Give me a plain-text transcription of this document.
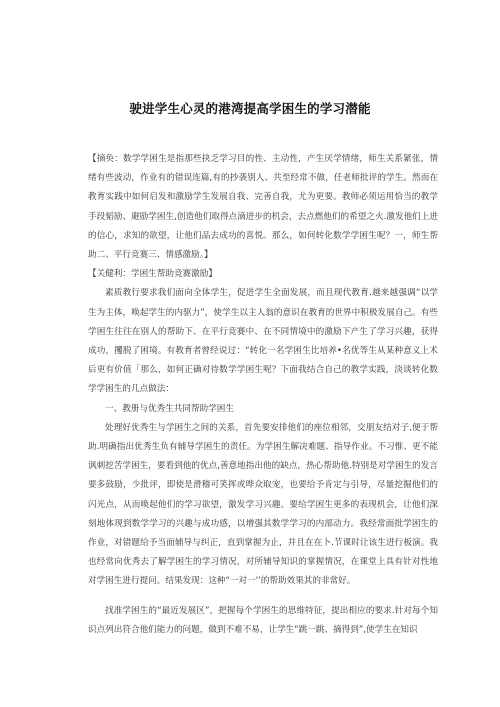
驶进学生心灵的港湾提高学困生的学习潜能

【摘奂：数学学困生是指那些抉乏学习目的性、主动性，产生厌学情绪，师生关系紧张，情绪有些波动，作业有的错误连篇,有的抄袭别人、共至经常不做，任老师批评的学生。然而在教育实践中如何启发和激励学生发展自我、完善自我，尤为更要。教师必须运用恰当的教学手段韬励、避励学困生,创造他们取得点滴进步的机会，去点燃他们的希望之火.激发他们上进的信心，求知的欲望，让他们品去成功的喜悦。那么，如何转化数学学困生呢？一，师生帮助二、平行竞赛三、情感激励。】

【关健利：学困生帮助竞赛激励】

素质教行要求我们面向全体学生，促进学生全面发展，而且现代教育.越来越强调“以学生为主体，唤起学生的内驱力”，使学生以主人翁的意识在教育的世界中积极发展自己。有些学困生往往在别人的帮助下、在平行竞赛中、在不同情境中的激励下产生了学习兴趣，获得成功，攫脱了困境。有教育者曾经说过：“转化一名学困生比培养•名优等生从某种意义上术后更有价值「那么，如何正确对待数学学困生呢？下面我结合自己的教学实践，淡谈转化数学学困生的几点做法：

一、教册与优秀生共同帮助学困生

处理好优秀生与学困生之间的关系，首先要安排他们的座位相邻，交朋友结对子,便于帮助.明确指出优秀生负有辅导学困生的责任。为学困生解决难题、指导作业。不习惟、更不能讽刺挖苦学困生，要看到他的优点,善意地指出他的缺点，热心帮助他.特别是对学困生的发言要多鼓励，少批评，即使是滑稽可笑挥或哗众取宠，也要给予肯定与引导，尽量挖掘他们的闪光点，从而唤起他们的学习欲望，激发学习兴趣。要给学困生更多的表现机会，让他们深刻地体现到数学学习的兴趣与成功感，以增强其数学学习的内部动力。我经常面批学困生的作业，对错题给予当面辅导与纠正，直到掌握为止，并且在在卜.节课时让该生进行板演。我也经常向优秀去了解学困生的学习情况，对所辅导知识的掌握情况，在课堂上具有针对性地对学困生进行提问。结果发现：这种“一对一'’的帮助效果其的非常好。

找准学困生的“最近发展区”，把握每个学困生的思维特征，提出相应的要求.针对每个知识点列出符合他们能力的问题，做到不难不易，让学生“跳一跳、摘得到”,使学生在知识
